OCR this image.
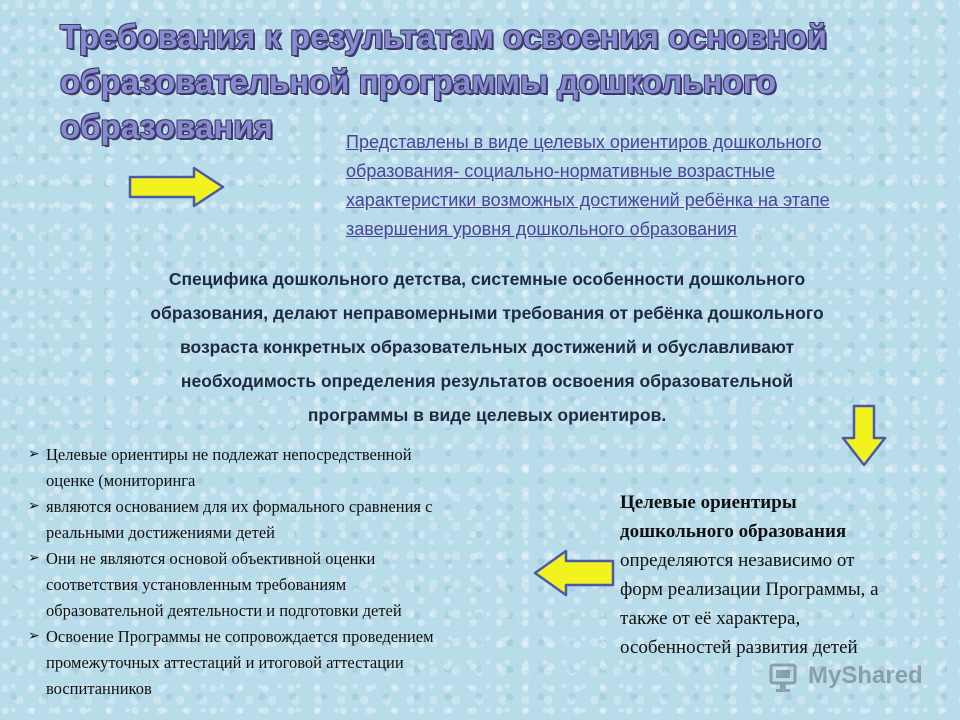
Требования к результатам освоения основной
образовательной программы дошкольного
образования	Представлены в виде целевых ориентиров дошкольного
образования- социально-нормативные возрастные
характеристики возможных достижений ребёнка на этапе
завершения уровня дошкольного образования

Специфика дошкольного детства, системные особенности дошкольного
образования, делают неправомерными требования от ребёнка дошкольного
возраста конкретных образовательных достижений и обуславливают
необходимость определения результатов освоения образовательной
программы в виде целевых ориентиров.

➢ Целевые ориентиры не подлежат непосредственной
оценке (мониторинга
➢ являются основанием для их формального сравнения с
реальными достижениями детей
➢ Они не являются основой объективной оценки
соответствия установленным требованиям
образовательной деятельности и подготовки детей
➢ Освоение Программы не сопровождается проведением
промежуточных аттестаций и итоговой аттестации
воспитанников
Целевые ориентиры
дошкольного образования
определяются независимо от
форм реализации Программы, а
также от её характера,
особенностей развития детей
MyShared
